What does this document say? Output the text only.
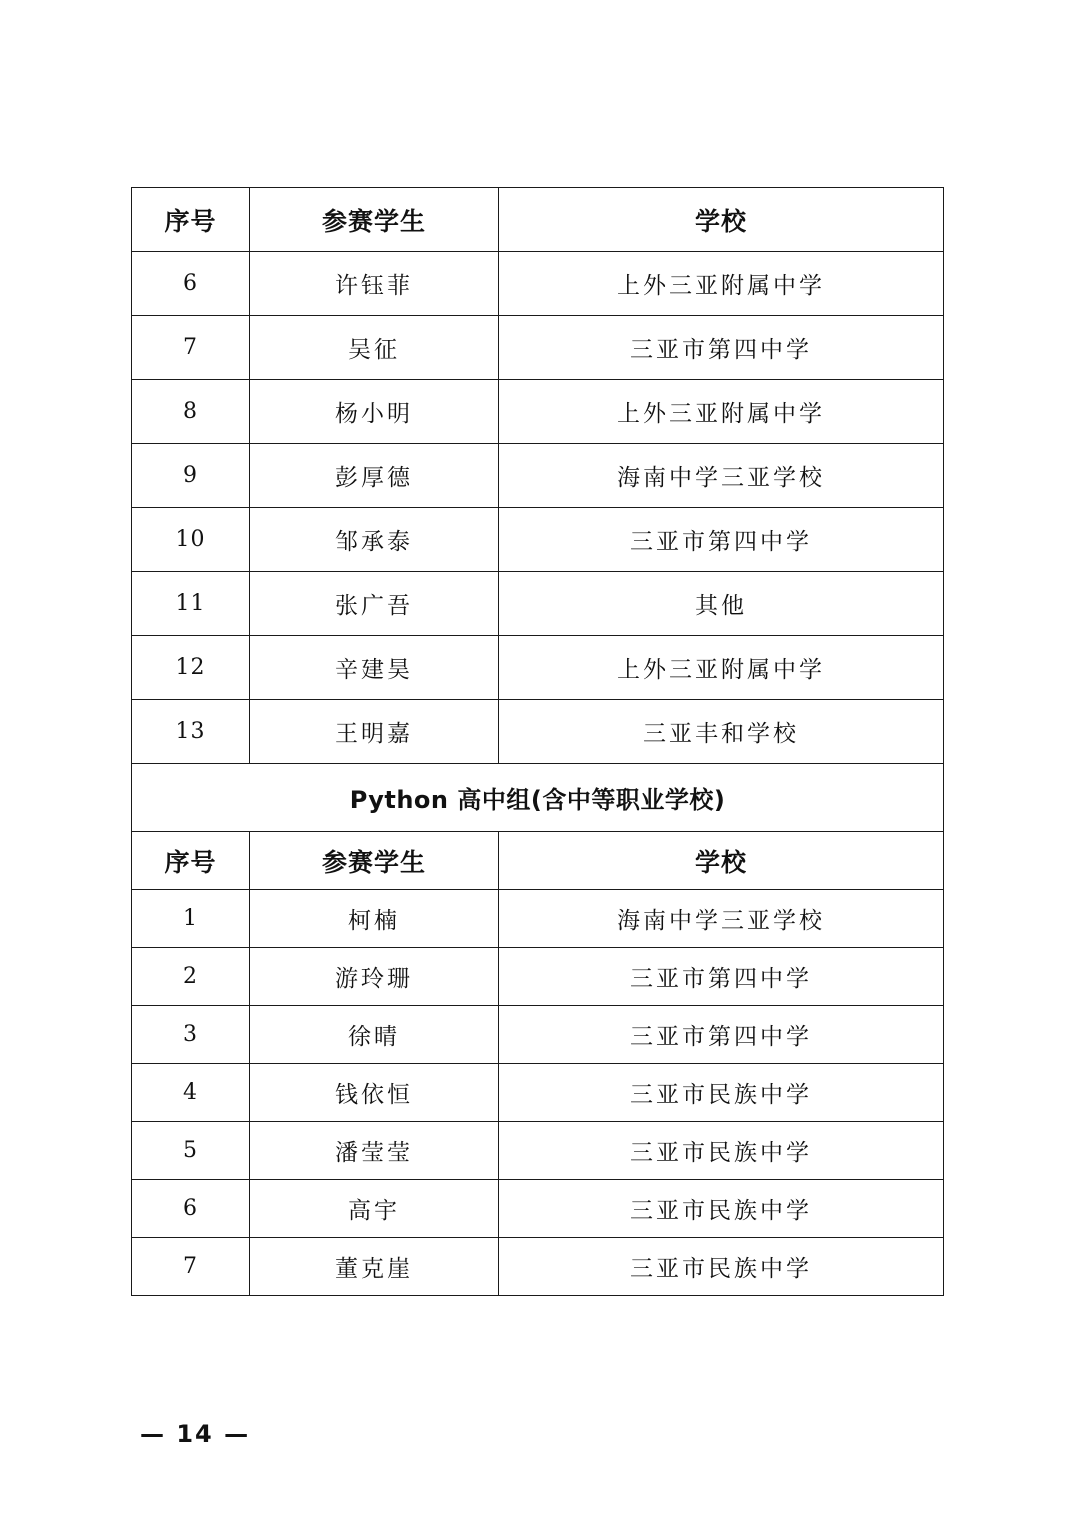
序号	参赛学生	学校
6	许钰菲	上外三亚附属中学
7	吴征	三亚市第四中学
8	杨小明	上外三亚附属中学
9	彭厚德	海南中学三亚学校
10	邹承泰	三亚市第四中学
11	张广吾	其他
12	辛建昊	上外三亚附属中学
13	王明嘉	三亚丰和学校
Python 高中组(含中等职业学校)		
序号	参赛学生	学校
1	柯楠	海南中学三亚学校
2	游玲珊	三亚市第四中学
3	徐晴	三亚市第四中学
4	钱依恒	三亚市民族中学
5	潘莹莹	三亚市民族中学
6	高宇	三亚市民族中学
7	董克崖	三亚市民族中学
— 14 —
